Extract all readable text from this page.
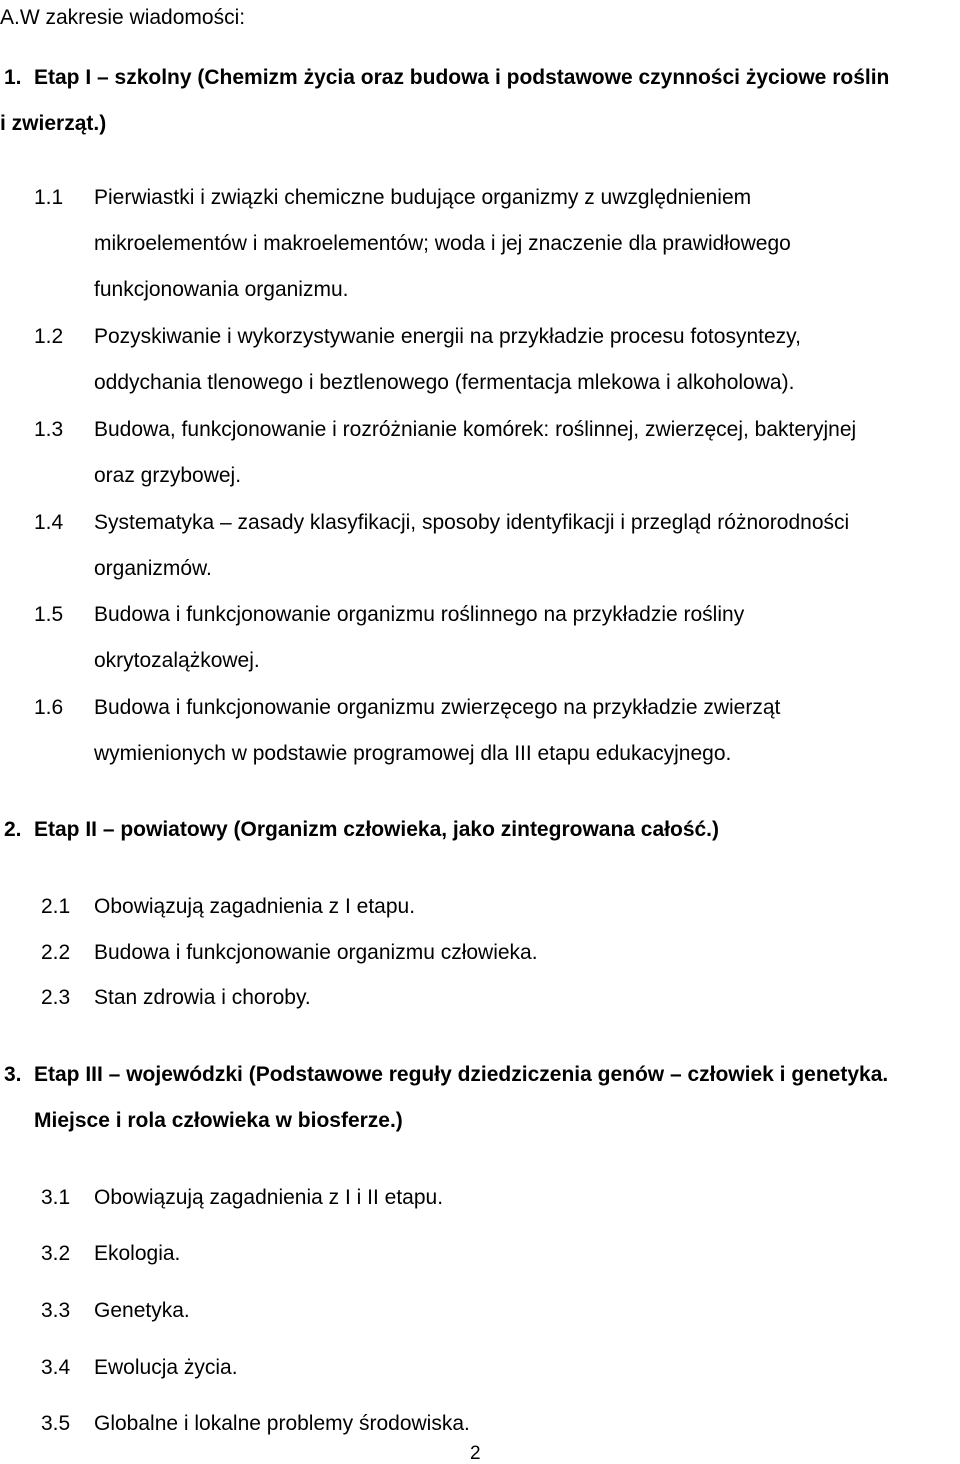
A.W zakresie wiadomości:
1. Etap I – szkolny (Chemizm życia oraz budowa i podstawowe czynności życiowe roślin
i zwierząt.)
1.1 Pierwiastki i związki chemiczne budujące organizmy z uwzględnieniem
mikroelementów i makroelementów; woda i jej znaczenie dla prawidłowego
funkcjonowania organizmu.
1.2 Pozyskiwanie i wykorzystywanie energii na przykładzie procesu fotosyntezy,
oddychania tlenowego i beztlenowego (fermentacja mlekowa i alkoholowa).
1.3 Budowa, funkcjonowanie i rozróżnianie komórek: roślinnej, zwierzęcej, bakteryjnej
oraz grzybowej.
1.4 Systematyka – zasady klasyfikacji, sposoby identyfikacji i przegląd różnorodności
organizmów.
1.5 Budowa i funkcjonowanie organizmu roślinnego na przykładzie rośliny
okrytozalążkowej.
1.6 Budowa i funkcjonowanie organizmu zwierzęcego na przykładzie zwierząt
wymienionych w podstawie programowej dla III etapu edukacyjnego.
2. Etap II – powiatowy (Organizm człowieka, jako zintegrowana całość.)
2.1 Obowiązują zagadnienia z I etapu.
2.2 Budowa i funkcjonowanie organizmu człowieka.
2.3 Stan zdrowia i choroby.
3. Etap III – wojewódzki (Podstawowe reguły dziedziczenia genów – człowiek i genetyka.
Miejsce i rola człowieka w biosferze.)
3.1 Obowiązują zagadnienia z I i II etapu.
3.2 Ekologia.
3.3 Genetyka.
3.4 Ewolucja życia.
3.5 Globalne i lokalne problemy środowiska.
2
